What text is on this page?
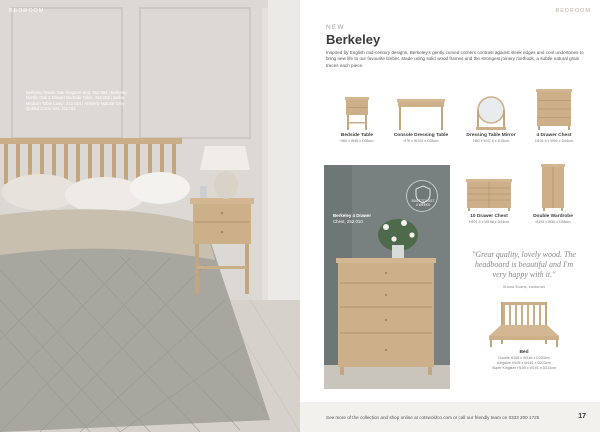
BEDROOM
Berkeley Nordic Oak Kingsize Bed, 252.004 | Berkeley Nordic Oak 2 Drawer Bedside Table, 252.002 | Bellac Medium Table Lamp, 222.024 | Amberly Natural Grey Quilted Cover Set, 211.011
BEDROOM
NEW
Berkeley
Inspired by English mid-century designs, Berkeley's gently curved corners contrast against sleek edges and cool undertones to bring new life to our favourite timber. Made using solid wood frames and the strongest joinery methods, a subtle natural grain traces each piece.
Bedside Table
H60 x W45 x D35cm
Console Dressing Table
H76 x W120 x D35cm
Dressing Table Mirror
H60 x W47.5 x D15cm
4 Drawer Chest
H101.5 x W90 x D44cm
BUILT TO LAST
4 WEEKS
Berkeley 4 Drawer
Chest, 252.010
10 Drawer Chest
H101.5 x W156 x D44cm
Double Wardrobe
H193 x W95 x D58cm
"Great quality, lovely wood. The headboard is beautiful and I'm very happy with it."
Shona Evans, customer
Bed
Double H105 x W146 x D203cm
Kingsize H105 x W161 x D213cm
Super Kingsize H105 x W191 x D213cm
See more of the collection and shop online at cotswoldco.com or call our friendly team on 0333 200 1725	17
